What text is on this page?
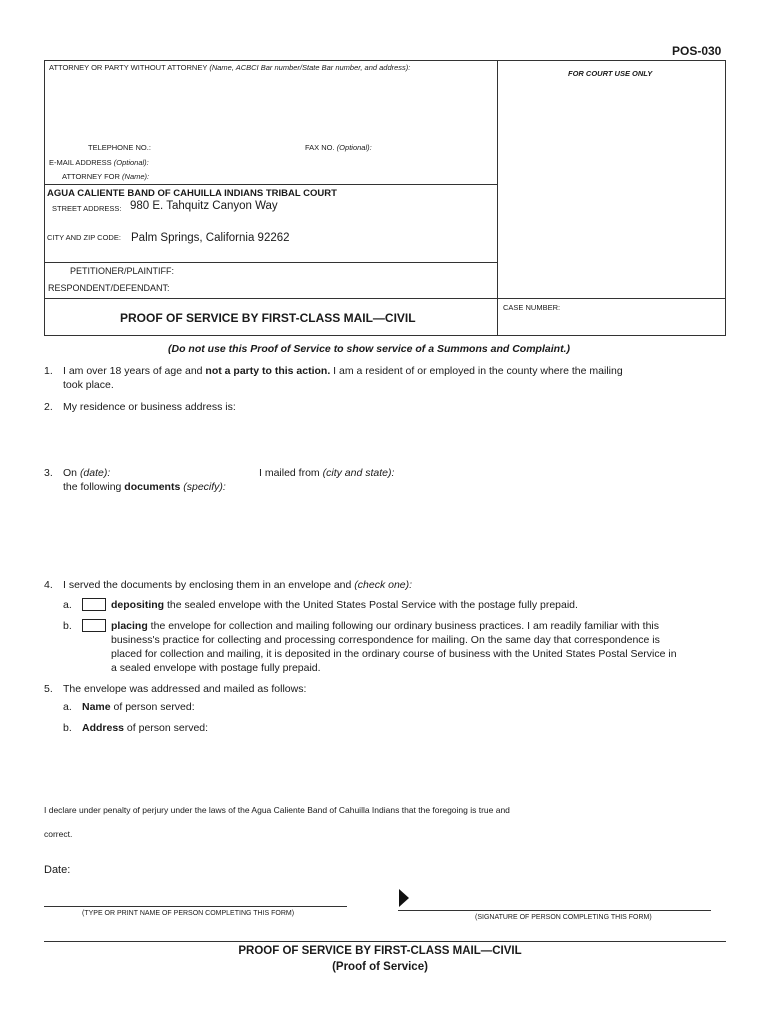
POS-030
ATTORNEY OR PARTY WITHOUT ATTORNEY (Name, ACBCI Bar number/State Bar number, and address):
FOR COURT USE ONLY
TELEPHONE NO.:	FAX NO. (Optional):
E-MAIL ADDRESS (Optional):
ATTORNEY FOR (Name):
AGUA CALIENTE BAND OF CAHUILLA INDIANS TRIBAL COURT
STREET ADDRESS: 980 E. Tahquitz Canyon Way
CITY AND ZIP CODE: Palm Springs, California 92262
PETITIONER/PLAINTIFF:
RESPONDENT/DEFENDANT:
CASE NUMBER:
PROOF OF SERVICE BY FIRST-CLASS MAIL—CIVIL
(Do not use this Proof of Service to show service of a Summons and Complaint.)
1. I am over 18 years of age and not a party to this action. I am a resident of or employed in the county where the mailing
took place.
2. My residence or business address is:
3. On (date):	I mailed from (city and state):
the following documents (specify):
4. I served the documents by enclosing them in an envelope and (check one):
a.	depositing the sealed envelope with the United States Postal Service with the postage fully prepaid.
b.	placing the envelope for collection and mailing following our ordinary business practices. I am readily familiar with this
business's practice for collecting and processing correspondence for mailing. On the same day that correspondence is
placed for collection and mailing, it is deposited in the ordinary course of business with the United States Postal Service in
a sealed envelope with postage fully prepaid.
5. The envelope was addressed and mailed as follows:
a. Name of person served:
b. Address of person served:
I declare under penalty of perjury under the laws of the Agua Caliente Band of Cahuilla Indians that the foregoing is true and
correct.
Date:
(TYPE OR PRINT NAME OF PERSON COMPLETING THIS FORM)
(SIGNATURE OF PERSON COMPLETING THIS FORM)
PROOF OF SERVICE BY FIRST-CLASS MAIL—CIVIL
(Proof of Service)
